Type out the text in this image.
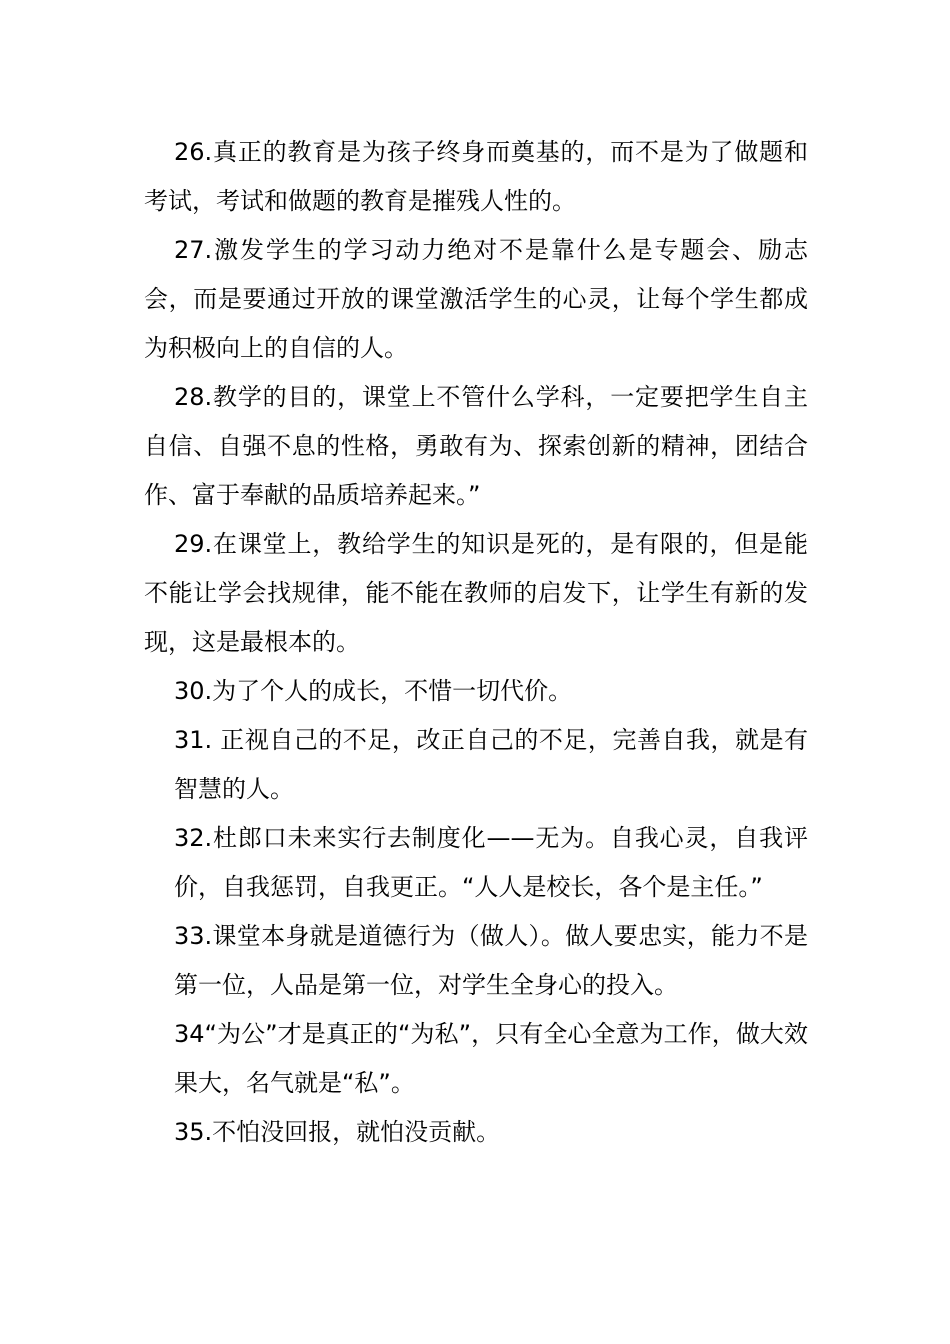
26.真正的教育是为孩子终身而奠基的，而不是为了做题和考试，考试和做题的教育是摧残人性的。

27.激发学生的学习动力绝对不是靠什么是专题会、励志会，而是要通过开放的课堂激活学生的心灵，让每个学生都成为积极向上的自信的人。

28.教学的目的，课堂上不管什么学科，一定要把学生自主自信、自强不息的性格，勇敢有为、探索创新的精神，团结合作、富于奉献的品质培养起来。”

29.在课堂上，教给学生的知识是死的，是有限的，但是能不能让学会找规律，能不能在教师的启发下，让学生有新的发现，这是最根本的。

30.为了个人的成长，不惜一切代价。

31. 正视自己的不足，改正自己的不足，完善自我，就是有智慧的人。

32.杜郎口未来实行去制度化——无为。自我心灵，自我评价，自我惩罚，自我更正。“人人是校长，各个是主任。”

33.课堂本身就是道德行为（做人）。做人要忠实，能力不是第一位，人品是第一位，对学生全身心的投入。

34“为公”才是真正的“为私”，只有全心全意为工作，做大效果大，名气就是“私”。

35.不怕没回报，就怕没贡献。
